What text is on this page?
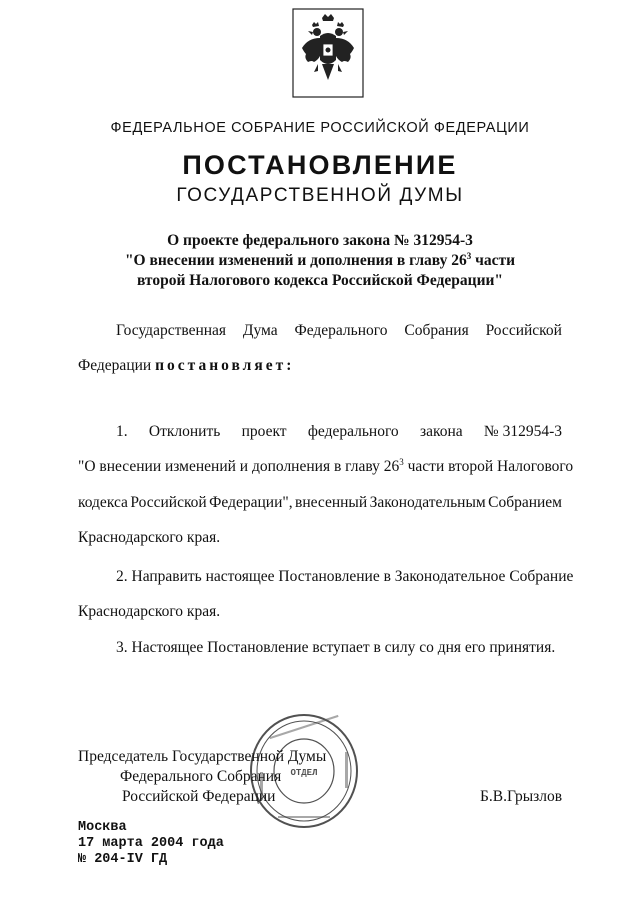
ФЕДЕРАЛЬНОЕ СОБРАНИЕ РОССИЙСКОЙ ФЕДЕРАЦИИ
ПОСТАНОВЛЕНИЕ
ГОСУДАРСТВЕННОЙ ДУМЫ
О проекте федерального закона № 312954-3
"О внесении изменений и дополнения в главу $26^3$ части
второй Налогового кодекса Российской Федерации"
Государственная Дума Федерального Собрания Российской
Федерации постановляет:
1. Отклонить проект федерального закона № 312954-3
"О внесении изменений и дополнения в главу $26^3$ части второй Налогового
кодекса Российской Федерации", внесенный Законодательным Собранием
Краснодарского края.
2. Направить настоящее Постановление в Законодательное Собрание
Краснодарского края.
3. Настоящее Постановление вступает в силу со дня его принятия.
ОТДЕЛ
Председатель Государственной Думы
Федерального Собрания
Российской Федерации	Б.В.Грызлов
Москва
17 марта 2004 года
№ 204-IV ГД
